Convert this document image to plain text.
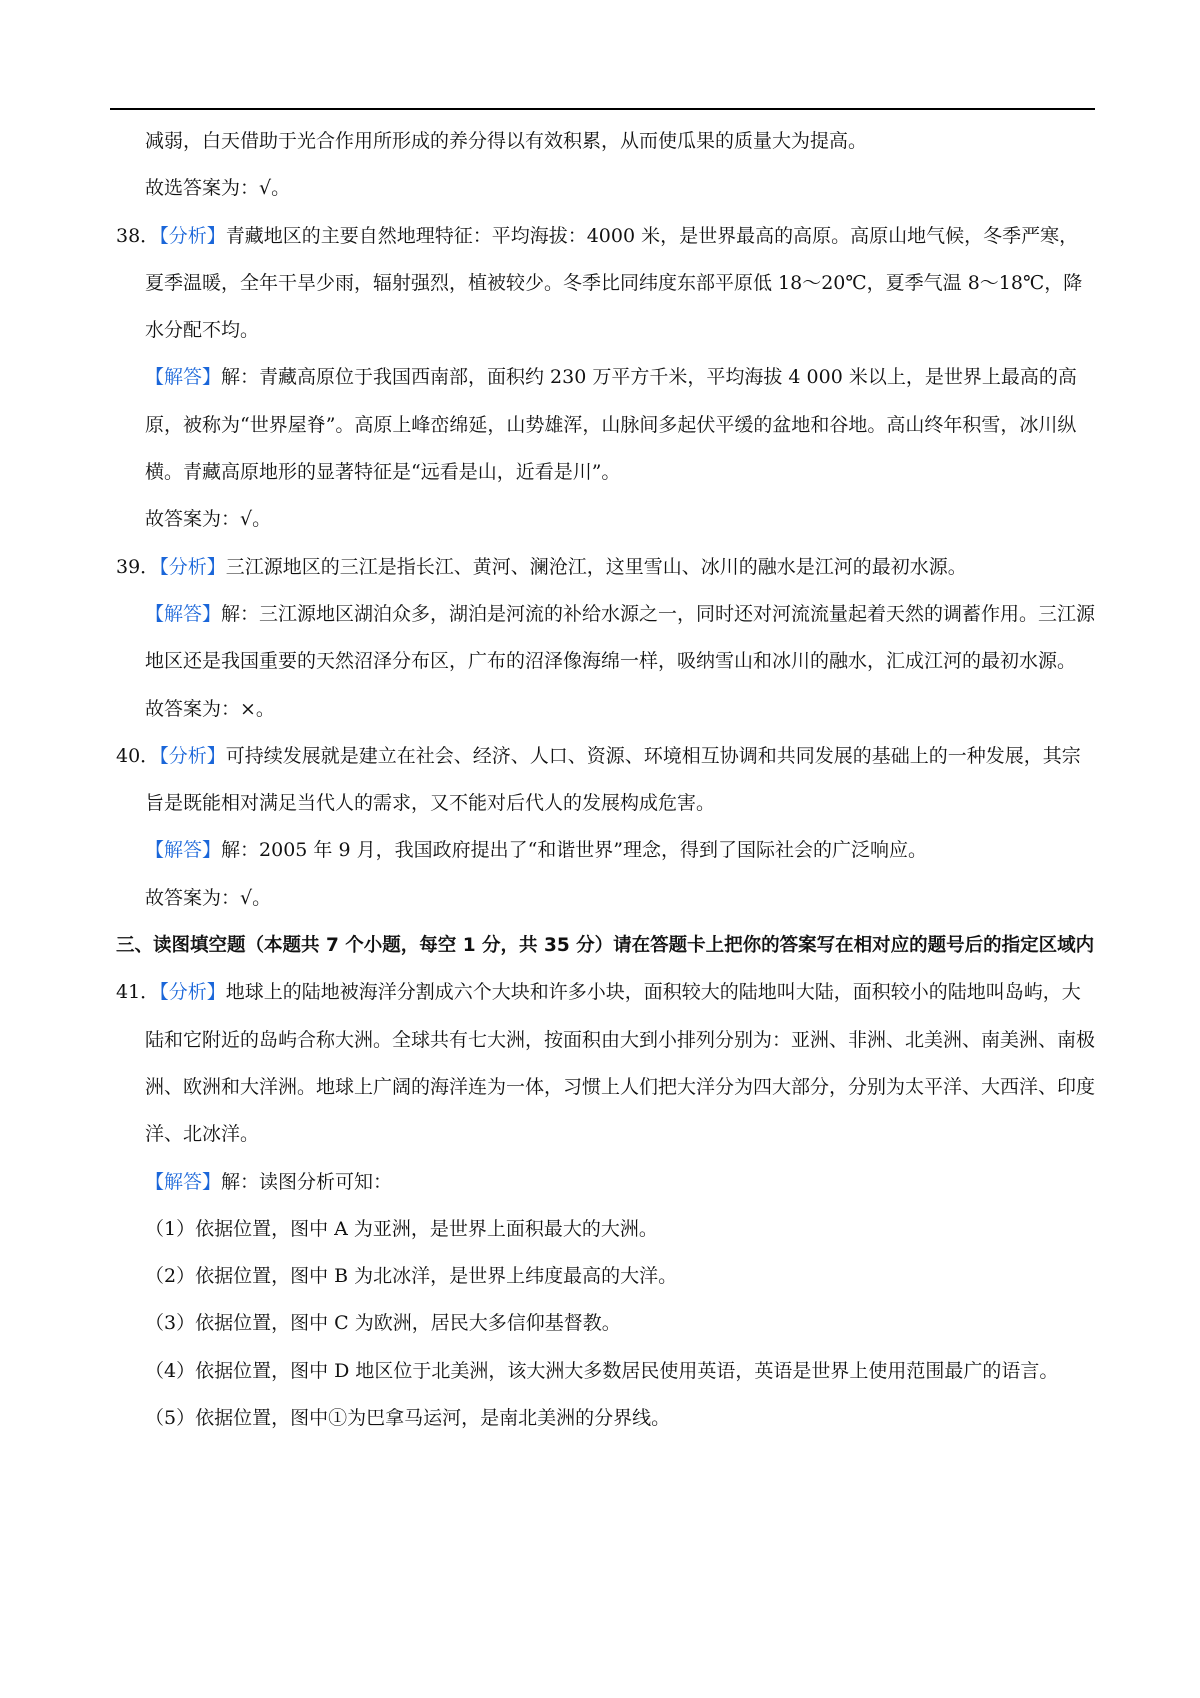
减弱，白天借助于光合作用所形成的养分得以有效积累，从而使瓜果的质量大为提高。
故选答案为：√。
38．【分析】青藏地区的主要自然地理特征：平均海拔：4000 米，是世界最高的高原。高原山地气候，冬季严寒，夏季温暖，全年干旱少雨，辐射强烈，植被较少。冬季比同纬度东部平原低 18～20℃，夏季气温 8～18℃，降水分配不均。
【解答】解：青藏高原位于我国西南部，面积约 230 万平方千米，平均海拔 4 000 米以上，是世界上最高的高原，被称为“世界屋脊”。高原上峰峦绵延，山势雄浑，山脉间多起伏平缓的盆地和谷地。高山终年积雪，冰川纵横。青藏高原地形的显著特征是“远看是山，近看是川”。
故答案为：√。
39．【分析】三江源地区的三江是指长江、黄河、澜沧江，这里雪山、冰川的融水是江河的最初水源。
【解答】解：三江源地区湖泊众多，湖泊是河流的补给水源之一，同时还对河流流量起着天然的调蓄作用。三江源地区还是我国重要的天然沼泽分布区，广布的沼泽像海绵一样，吸纳雪山和冰川的融水，汇成江河的最初水源。
故答案为：×。
40．【分析】可持续发展就是建立在社会、经济、人口、资源、环境相互协调和共同发展的基础上的一种发展，其宗旨是既能相对满足当代人的需求，又不能对后代人的发展构成危害。
【解答】解：2005 年 9 月，我国政府提出了“和谐世界”理念，得到了国际社会的广泛响应。
故答案为：√。
三、读图填空题（本题共 7 个小题，每空 1 分，共 35 分）请在答题卡上把你的答案写在相对应的题号后的指定区域内
41．【分析】地球上的陆地被海洋分割成六个大块和许多小块，面积较大的陆地叫大陆，面积较小的陆地叫岛屿，大陆和它附近的岛屿合称大洲。全球共有七大洲，按面积由大到小排列分别为：亚洲、非洲、北美洲、南美洲、南极洲、欧洲和大洋洲。地球上广阔的海洋连为一体，习惯上人们把大洋分为四大部分，分别为太平洋、大西洋、印度洋、北冰洋。
【解答】解：读图分析可知：
（1）依据位置，图中 A 为亚洲，是世界上面积最大的大洲。
（2）依据位置，图中 B 为北冰洋，是世界上纬度最高的大洋。
（3）依据位置，图中 C 为欧洲，居民大多信仰基督教。
（4）依据位置，图中 D 地区位于北美洲，该大洲大多数居民使用英语，英语是世界上使用范围最广的语言。
（5）依据位置，图中①为巴拿马运河，是南北美洲的分界线。
